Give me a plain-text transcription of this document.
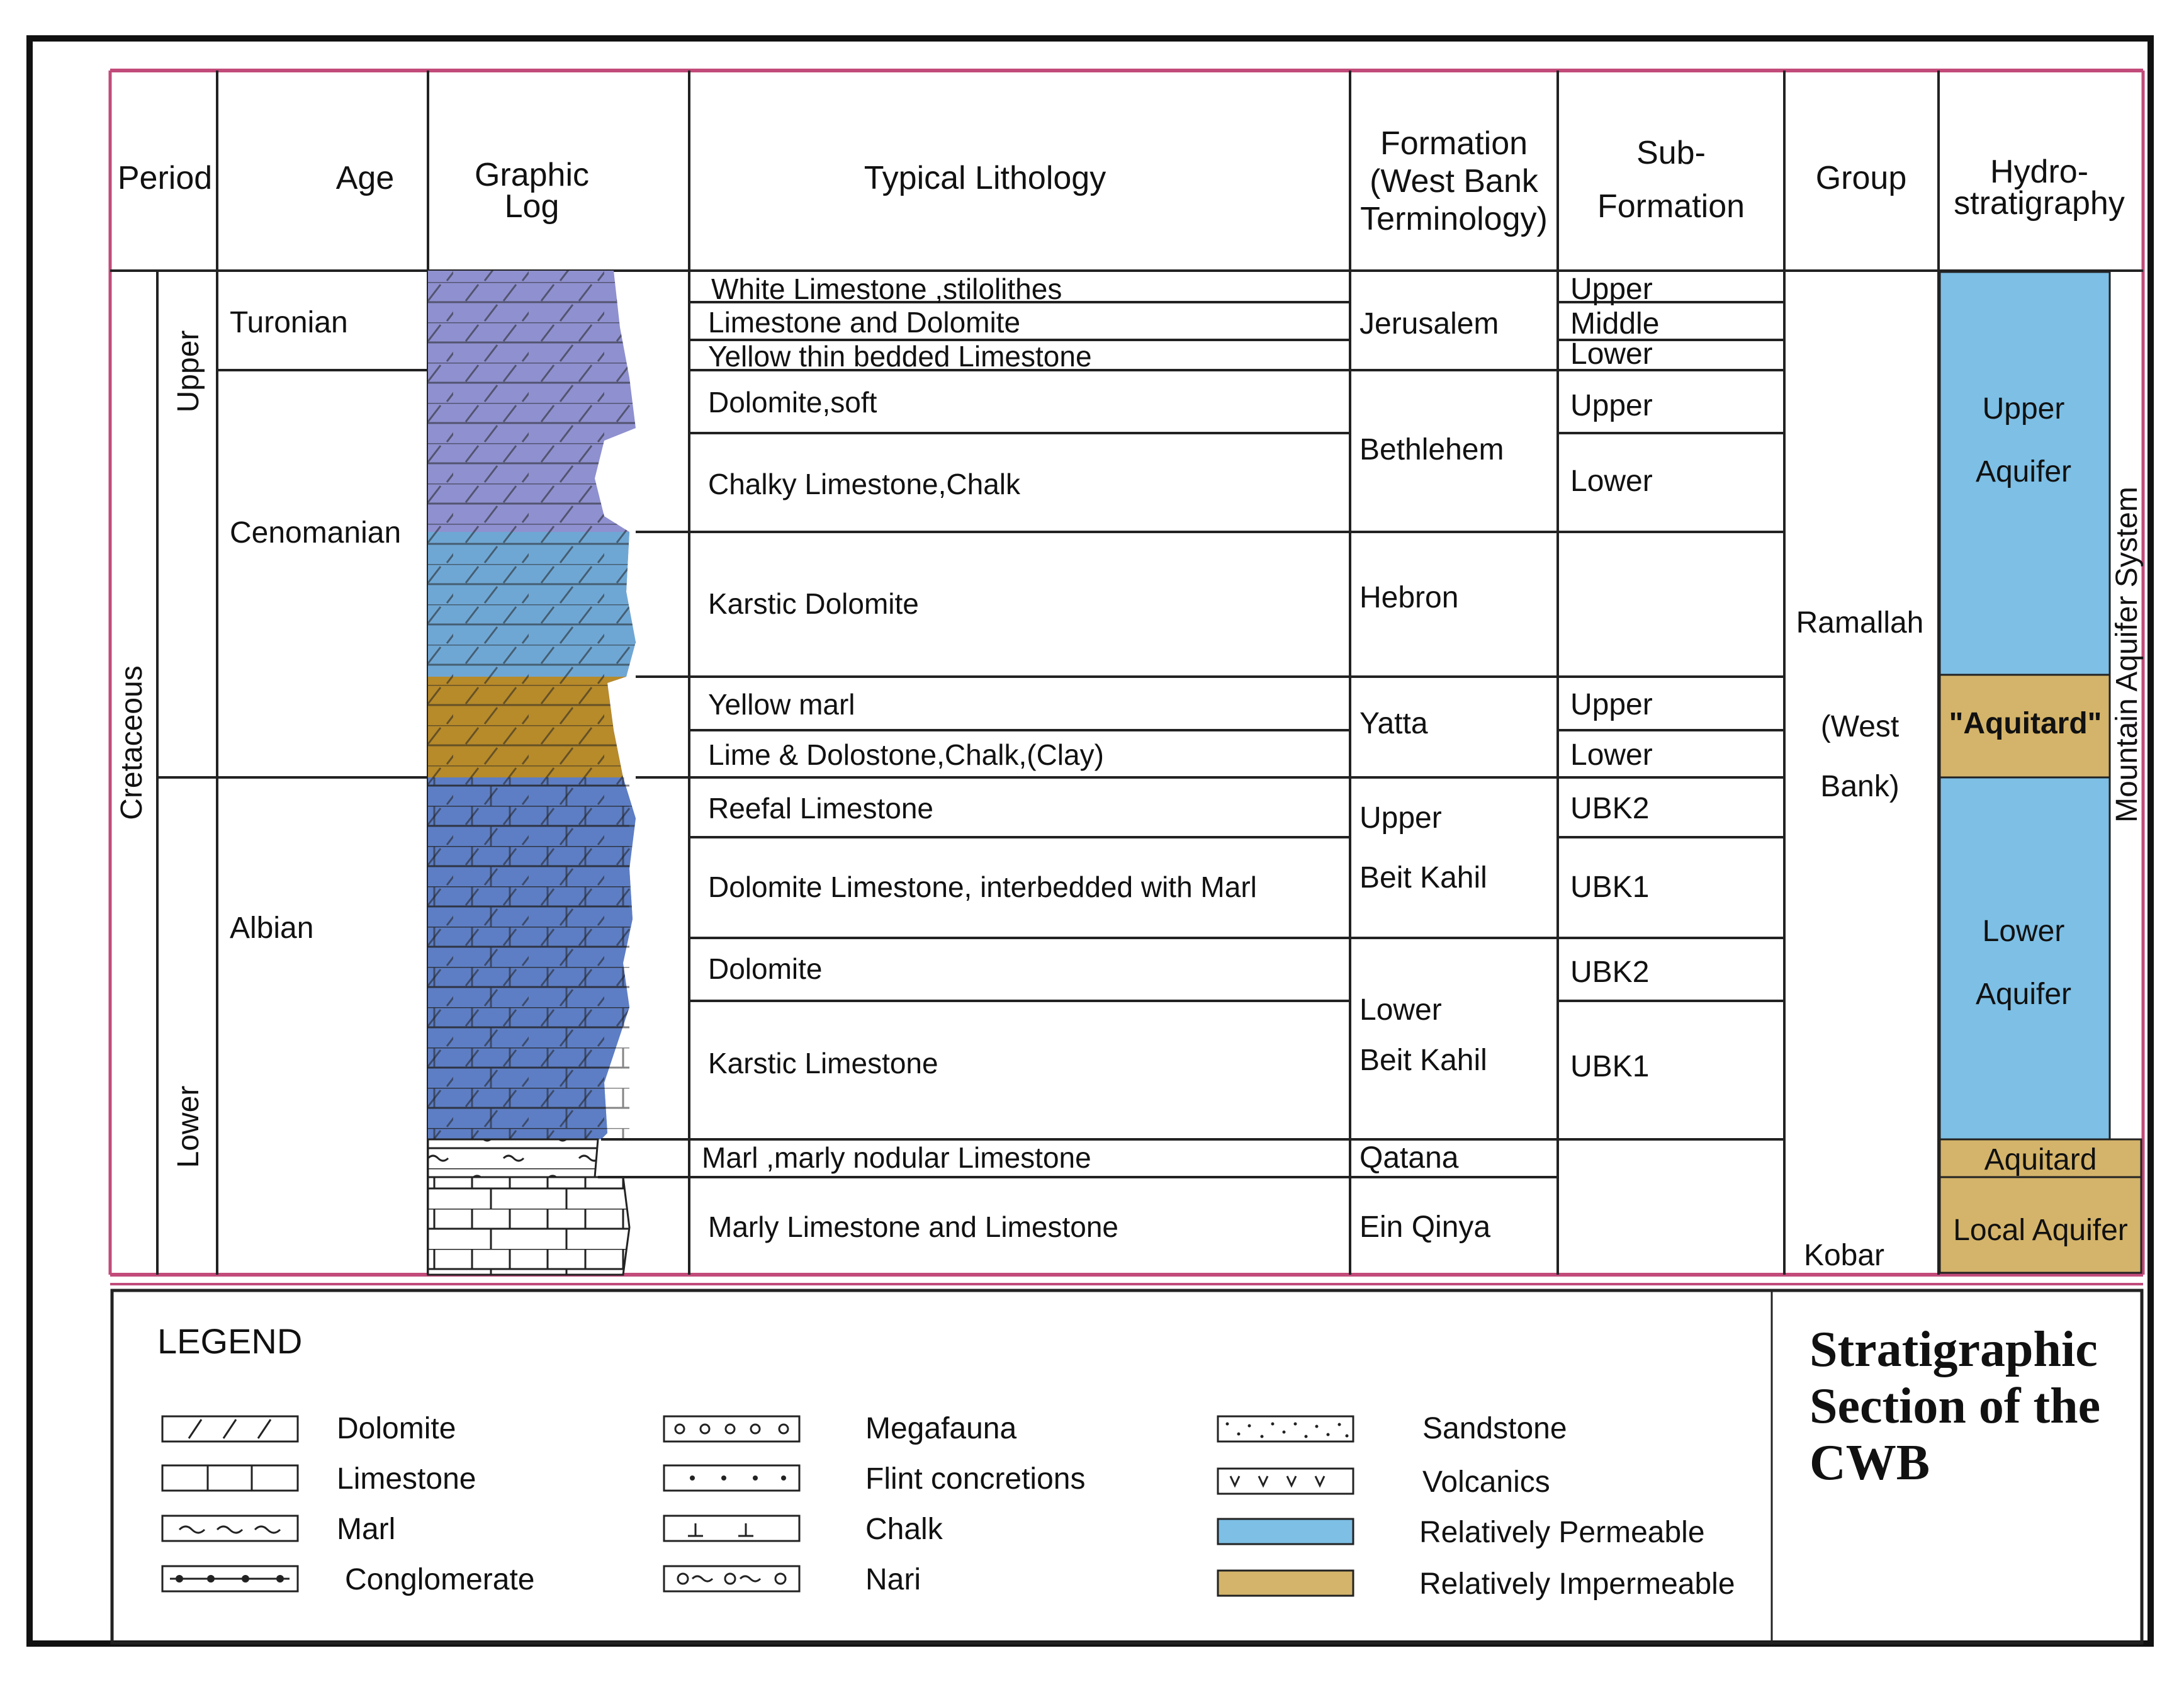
Period	Age Graphic
Log
Typical Lithology
Formation
(West Bank
Terminology)
Sub-
Formation
Group	Hydro-
stratigraphy
Cretaceous
Upper
Lower
Turonian
Cenomanian
Albian
White Limestone ,stilolithes
Limestone and Dolomite
Yellow thin bedded Limestone
Dolomite,soft
Chalky Limestone,Chalk
Karstic Dolomite
Yellow marl
Lime & Dolostone,Chalk,(Clay)
Reefal Limestone
Dolomite Limestone, interbedded with Marl
Dolomite
Karstic Limestone
Marl ,marly nodular Limestone
Marly Limestone and Limestone
Jerusalem
Bethlehem
Hebron
Yatta
Upper
Beit Kahil
Lower
Beit Kahil
Qatana
Ein Qinya
Upper
Middle
Lower
Upper
Lower
Upper
Lower
UBK2
UBK1
UBK2
UBK1
Ramallah
(West
Bank)
Kobar
Upper
Aquifer
"Aquitard"
Lower
Aquifer
Aquitard
Local Aquifer
Mountain Aquifer System
LEGEND
Dolomite
Limestone
Marl
Conglomerate
Megafauna
Flint concretions
Chalk
Nari
Sandstone
Volcanics
Relatively Permeable
Relatively Impermeable
Stratigraphic
Section of the
CWB
